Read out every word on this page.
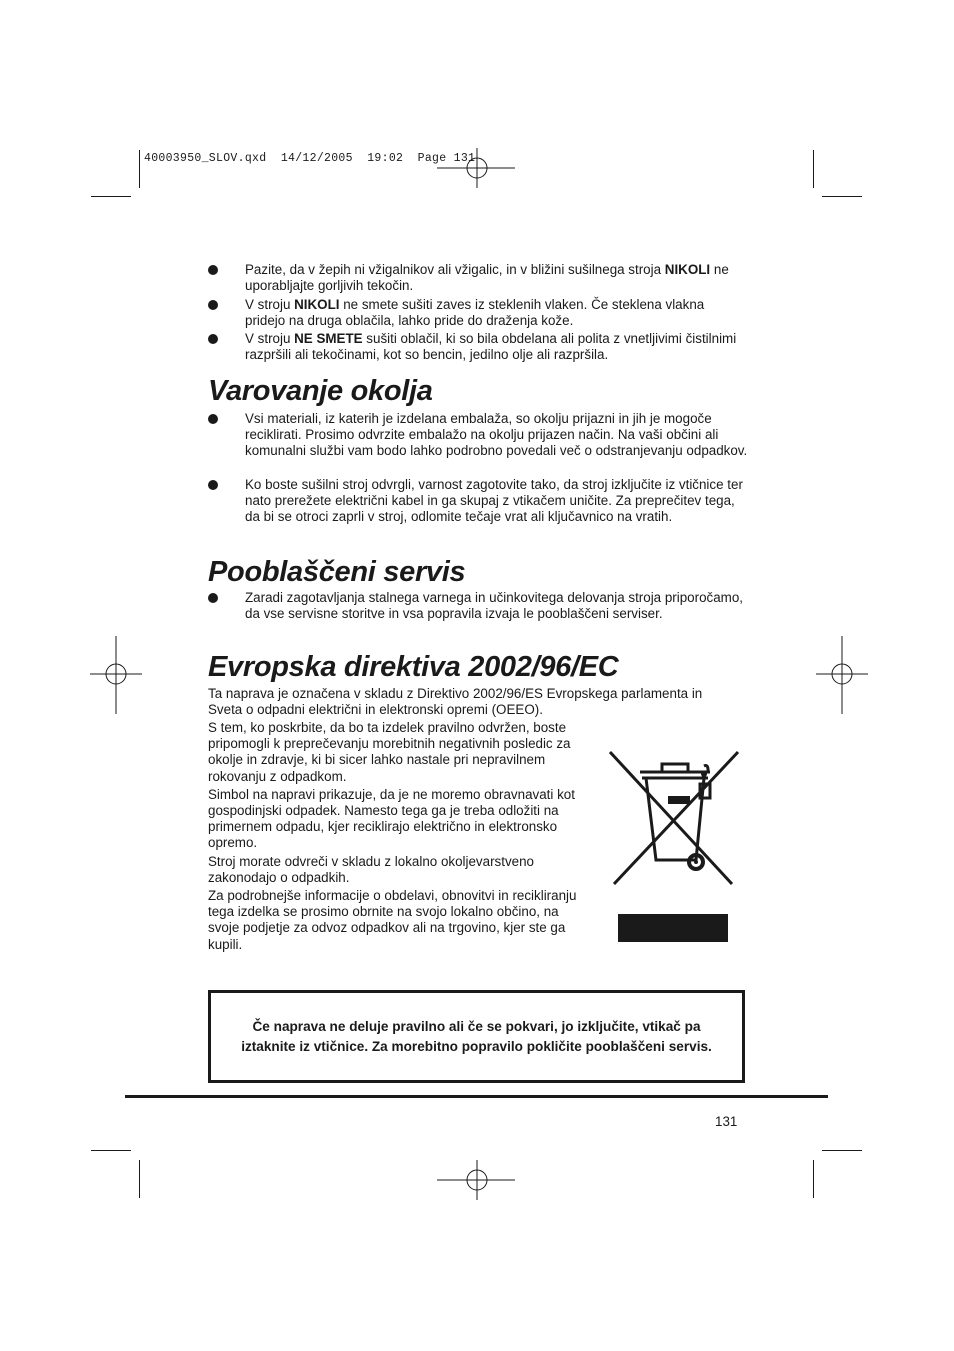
40003950_SLOV.qxd  14/12/2005  19:02  Page 131
Pazite, da v žepih ni vžigalnikov ali vžigalic, in v bližini sušilnega stroja NIKOLI ne uporabljajte gorljivih tekočin.
V stroju NIKOLI ne smete sušiti zaves iz steklenih vlaken. Če steklena vlakna pridejo na druga oblačila, lahko pride do draženja kože.
V stroju NE SMETE sušiti oblačil, ki so bila obdelana ali polita z vnetljivimi čistilnimi razpršili ali tekočinami, kot so bencin, jedilno olje ali razpršila.
Varovanje okolja
Vsi materiali, iz katerih je izdelana embalaža, so okolju prijazni in jih je mogoče reciklirati. Prosimo odvrzite embalažo na okolju prijazen način. Na vaši občini ali komunalni službi vam bodo lahko podrobno povedali več o odstranjevanju odpadkov.
Ko boste sušilni stroj odvrgli, varnost zagotovite tako, da stroj izključite iz vtičnice ter nato prerežete električni kabel in ga skupaj z vtikačem uničite. Za preprečitev tega, da bi se otroci zaprli v stroj, odlomite tečaje vrat ali ključavnico na vratih.
Pooblaščeni servis
Zaradi zagotavljanja stalnega varnega in učinkovitega delovanja stroja priporočamo, da vse servisne storitve in vsa popravila izvaja le pooblaščeni serviser.
Evropska direktiva 2002/96/EC

Ta naprava je označena v skladu z Direktivo 2002/96/ES Evropskega parlamenta in Sveta o odpadni električni in elektronski opremi (OEEO).

S tem, ko poskrbite, da bo ta izdelek pravilno odvržen, boste pripomogli k preprečevanju morebitnih negativnih posledic za okolje in zdravje, ki bi sicer lahko nastale pri nepravilnem rokovanju z odpadkom.

Simbol na napravi prikazuje, da je ne moremo obravnavati kot gospodinjski odpadek. Namesto tega ga je treba odložiti na primernem odpadu, kjer reciklirajo električno in elektronsko opremo.

Stroj morate odvreči v skladu z lokalno okoljevarstveno zakonodajo o odpadkih.

Za podrobnejše informacije o obdelavi, obnovitvi in recikliranju tega izdelka se prosimo obrnite na svojo lokalno občino, na svoje podjetje za odvoz odpadkov ali na trgovino, kjer ste ga kupili.

Če naprava ne deluje pravilno ali če se pokvari, jo izključite, vtikač pa iztaknite iz vtičnice. Za morebitno popravilo pokličite pooblaščeni servis.
131
